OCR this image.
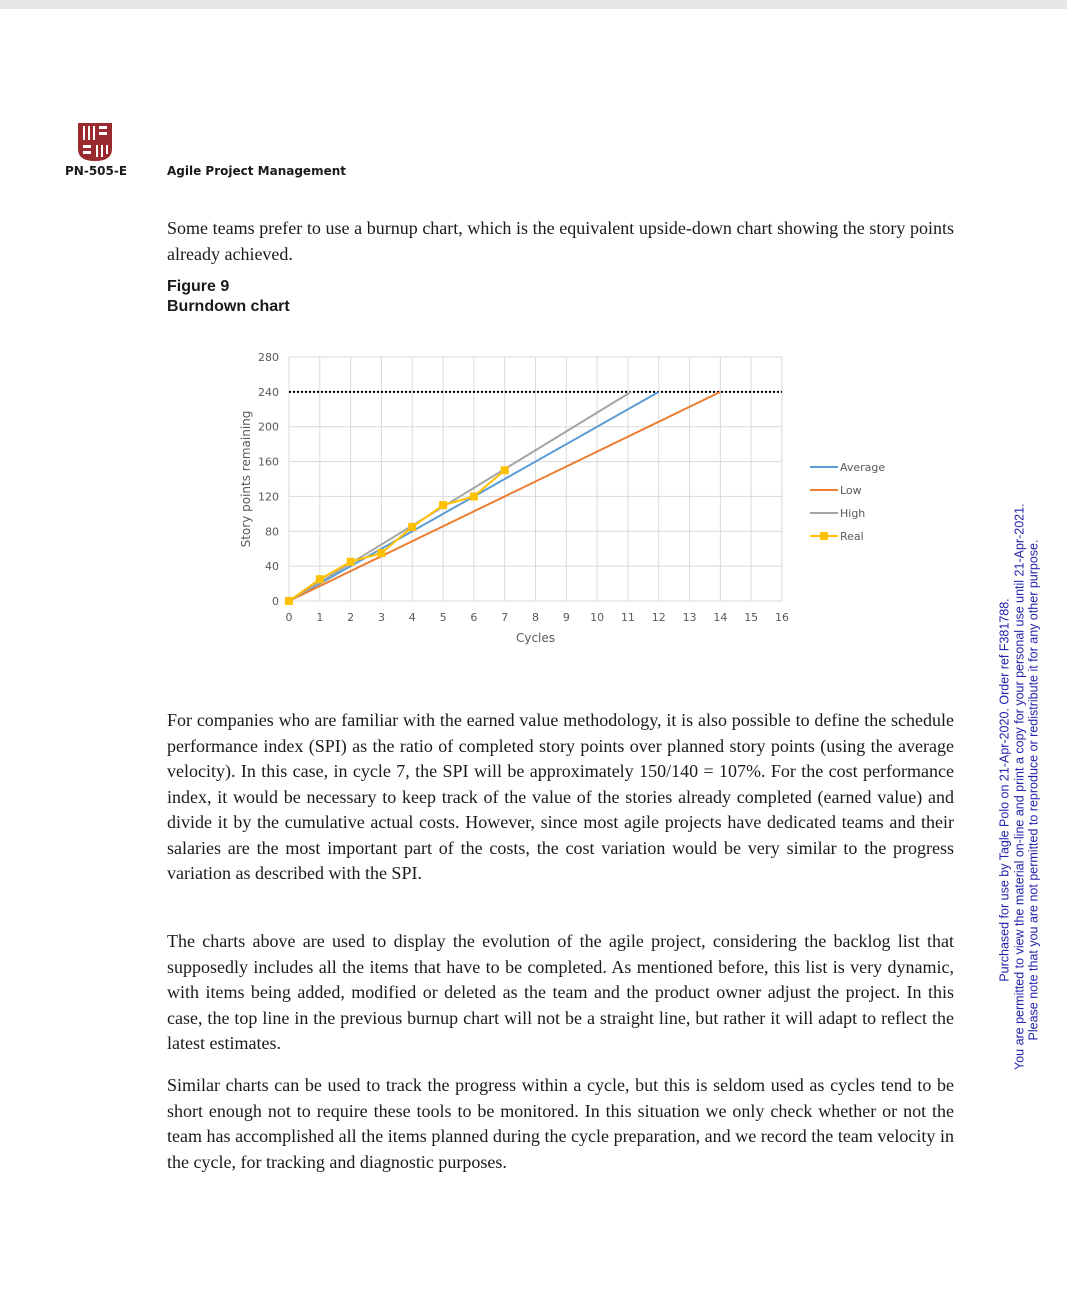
PN-505-E	Agile Project Management

Some teams prefer to use a burnup chart, which is the equivalent upside-down chart showing the story points already achieved.

Figure 9
Burndown chart
0 1 2 3 4 5 6 7 8 9 10 11 12 13 14 15 16
0
40
80
120
160
200
240
280
Cycles
Story points remaining	Average
Low
High
Real

For companies who are familiar with the earned value methodology, it is also possible to define the schedule performance index (SPI) as the ratio of completed story points over planned story points (using the average velocity). In this case, in cycle 7, the SPI will be approximately 150/140 = 107%. For the cost performance index, it would be necessary to keep track of the value of the stories already completed (earned value) and divide it by the cumulative actual costs. However, since most agile projects have dedicated teams and their salaries are the most important part of the costs, the cost variation would be very similar to the progress variation as described with the SPI.

The charts above are used to display the evolution of the agile project, considering the backlog list that supposedly includes all the items that have to be completed. As mentioned before, this list is very dynamic, with items being added, modified or deleted as the team and the product owner adjust the project. In this case, the top line in the previous burnup chart will not be a straight line, but rather it will adapt to reflect the latest estimates.

Similar charts can be used to track the progress within a cycle, but this is seldom used as cycles tend to be short enough not to require these tools to be monitored. In this situation we only check whether or not the team has accomplished all the items planned during the cycle preparation, and we record the team velocity in the cycle, for tracking and diagnostic purposes.

Purchased for use by Tagle Polo on 21-Apr-2020. Order ref F381788. You are permitted to view the material on-line and print a copy for your personal use until 21-Apr-2021. Please note that you are not permitted to reproduce or redistribute it for any other purpose.
